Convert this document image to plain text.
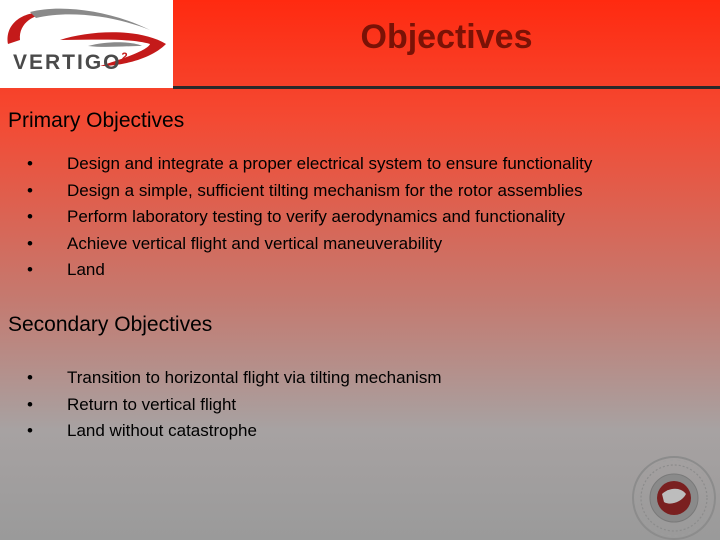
VERTIGO$^2$
Objectives
Primary Objectives
• Design and integrate a proper electrical system to ensure functionality
• Design a simple, sufficient tilting mechanism for the rotor assemblies
• Perform laboratory testing to verify aerodynamics and functionality
• Achieve vertical flight and vertical maneuverability
• Land
Secondary Objectives
• Transition to horizontal flight via tilting mechanism
• Return to vertical flight
• Land without catastrophe
